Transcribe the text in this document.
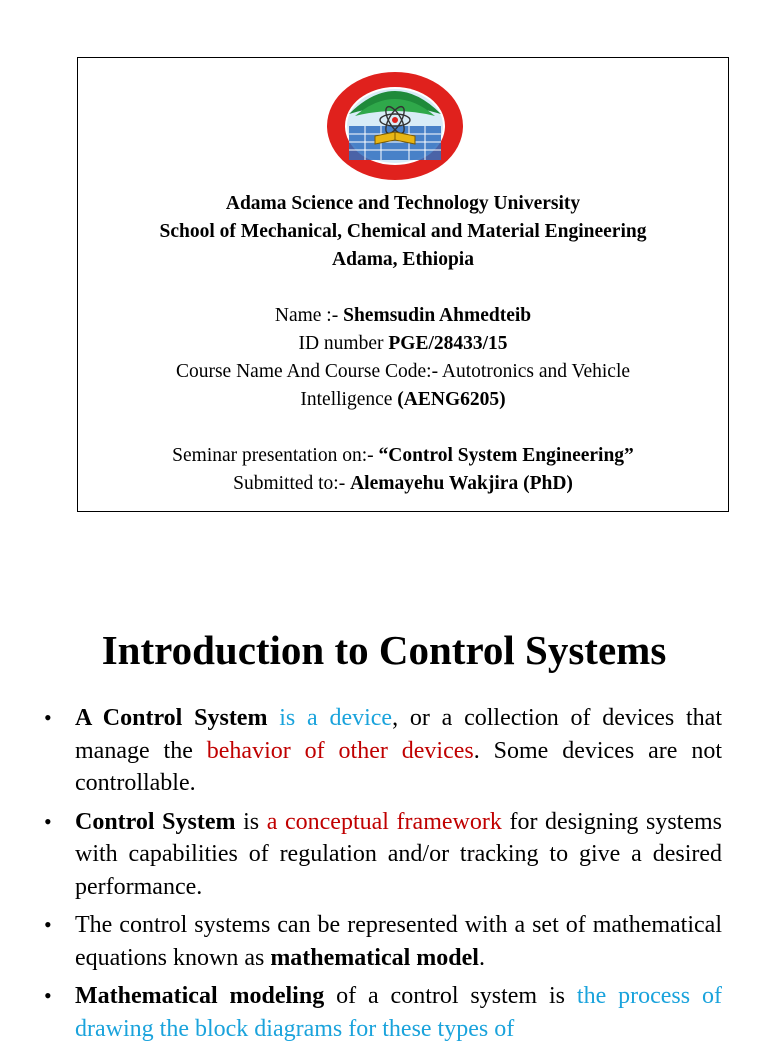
Adama Science and Technology University

School of Mechanical, Chemical and Material Engineering

Adama, Ethiopia

Name :- Shemsudin Ahmedteib

ID number PGE/28433/15

Course Name And Course Code:- Autotronics and Vehicle

Intelligence (AENG6205)

Seminar presentation on:- “Control System Engineering”

Submitted to:- Alemayehu Wakjira (PhD)

Introduction to Control Systems
• A Control System is a device, or a collection of devices that manage the behavior of other devices. Some devices are not controllable.
• Control System is a conceptual framework for designing systems with capabilities of regulation and/or tracking to give a desired performance.
• The control systems can be represented with a set of mathematical equations known as mathematical model.
• Mathematical modeling of a control system is the process of drawing the block diagrams for these types of
